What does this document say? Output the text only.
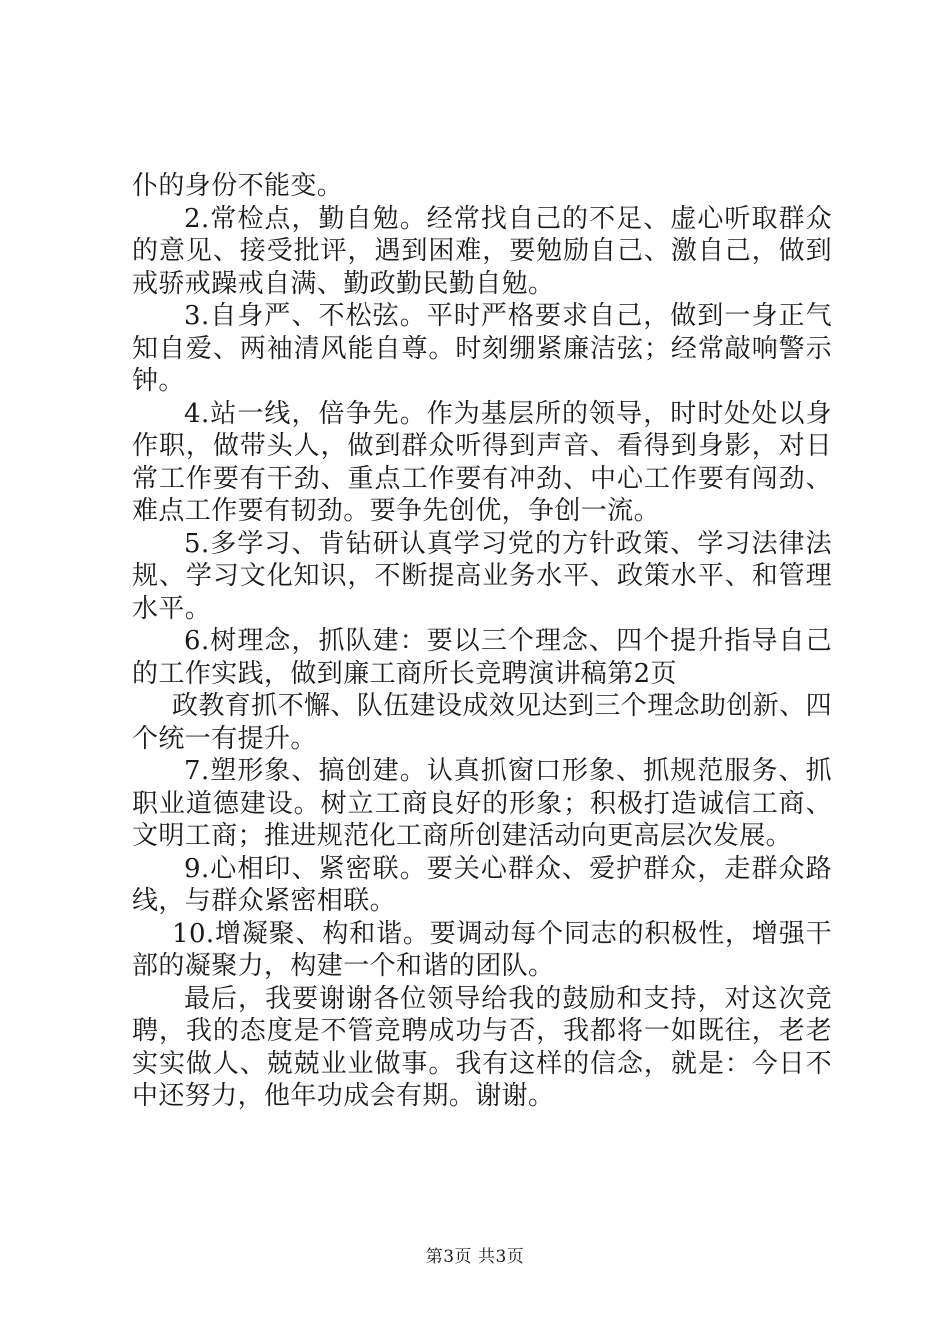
仆的身份不能变。

2.常检点，勤自勉。经常找自己的不足、虚心听取群众的意见、接受批评，遇到困难，要勉励自己、激自己，做到戒骄戒躁戒自满、勤政勤民勤自勉。

3.自身严、不松弦。平时严格要求自己，做到一身正气知自爱、两袖清风能自尊。时刻绷紧廉洁弦；经常敲响警示钟。

4.站一线，倍争先。作为基层所的领导，时时处处以身作职，做带头人，做到群众听得到声音、看得到身影，对日常工作要有干劲、重点工作要有冲劲、中心工作要有闯劲、难点工作要有韧劲。要争先创优，争创一流。

5.多学习、肯钻研认真学习党的方针政策、学习法律法规、学习文化知识，不断提高业务水平、政策水平、和管理水平。

6.树理念，抓队建：要以三个理念、四个提升指导自己的工作实践，做到廉工商所长竞聘演讲稿第2页

政教育抓不懈、队伍建设成效见达到三个理念助创新、四个统一有提升。

7.塑形象、搞创建。认真抓窗口形象、抓规范服务、抓职业道德建设。树立工商良好的形象；积极打造诚信工商、文明工商；推进规范化工商所创建活动向更高层次发展。

9.心相印、紧密联。要关心群众、爱护群众，走群众路线，与群众紧密相联。

10.增凝聚、构和谐。要调动每个同志的积极性，增强干部的凝聚力，构建一个和谐的团队。

最后，我要谢谢各位领导给我的鼓励和支持，对这次竞聘，我的态度是不管竞聘成功与否，我都将一如既往，老老实实做人、兢兢业业做事。我有这样的信念，就是：今日不中还努力，他年功成会有期。谢谢。

第3页 共3页
